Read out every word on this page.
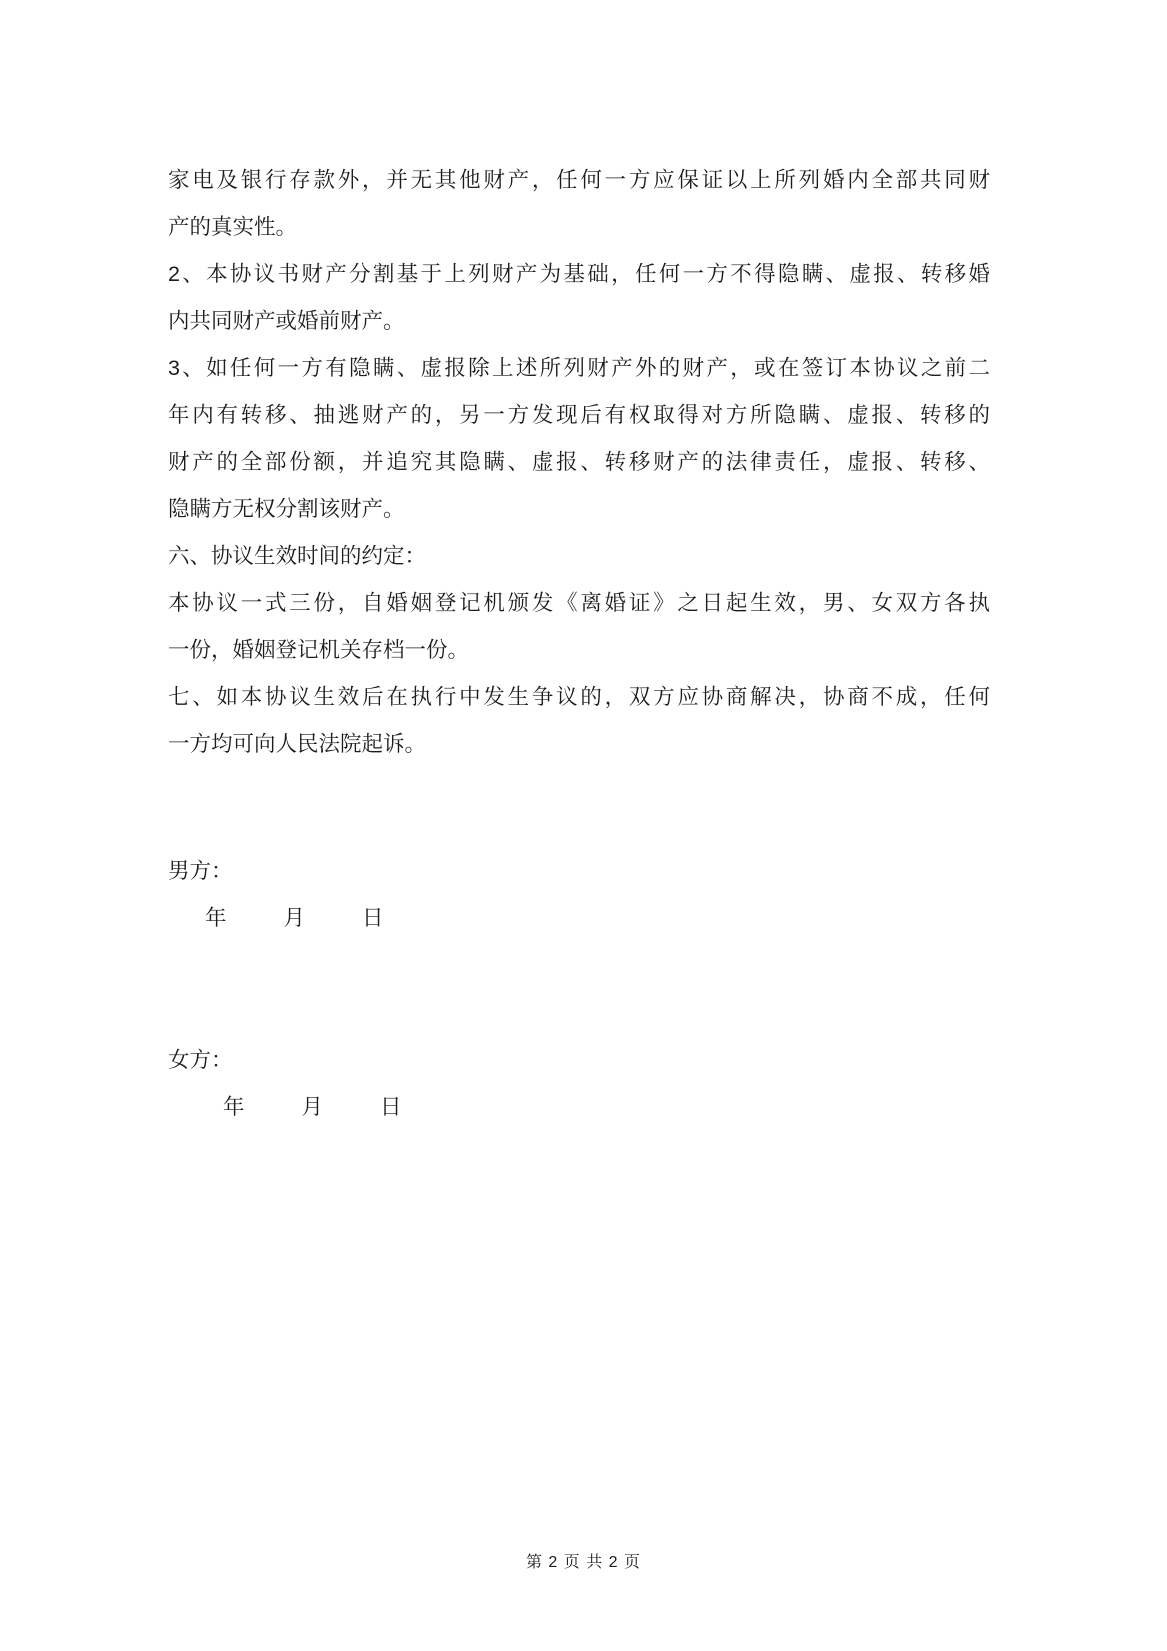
家电及银行存款外，并无其他财产，任何一方应保证以上所列婚内全部共同财
产的真实性。
2、本协议书财产分割基于上列财产为基础，任何一方不得隐瞒、虚报、转移婚
内共同财产或婚前财产。
3、如任何一方有隐瞒、虚报除上述所列财产外的财产，或在签订本协议之前二
年内有转移、抽逃财产的，另一方发现后有权取得对方所隐瞒、虚报、转移的
财产的全部份额，并追究其隐瞒、虚报、转移财产的法律责任，虚报、转移、
隐瞒方无权分割该财产。
六、协议生效时间的约定：
本协议一式三份，自婚姻登记机颁发《离婚证》之日起生效，男、女双方各执
一份，婚姻登记机关存档一份。
七、如本协议生效后在执行中发生争议的，双方应协商解决，协商不成，任何
一方均可向人民法院起诉。
男方：
年	月	日
女方：
年	月	日
第 2 页 共 2 页
